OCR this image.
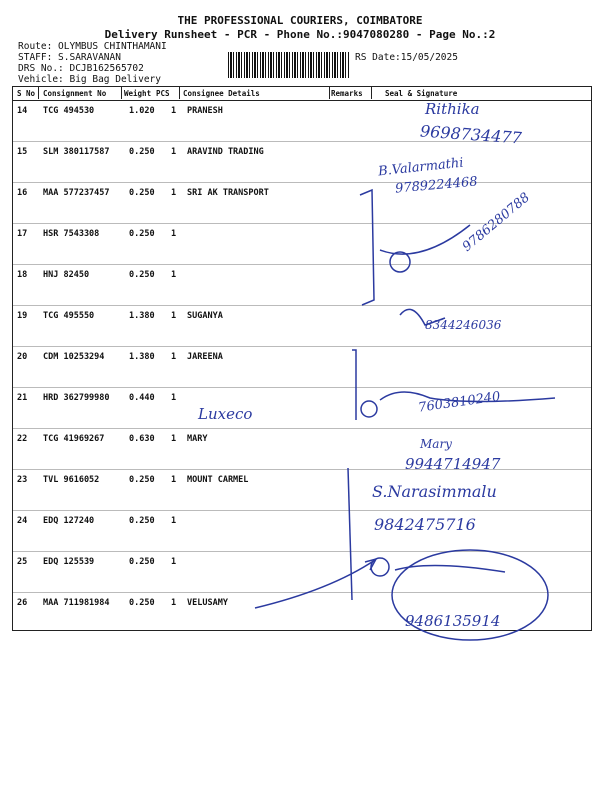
THE PROFESSIONAL COURIERS, COIMBATORE
Delivery Runsheet - PCR - Phone No.:9047080280 - Page No.:2
Route: OLYMBUS CHINTHAMANI
STAFF: S.SARAVANAN
DRS No.: DCJB162565702
Vehicle: Big Bag Delivery
RS Date:15/05/2025
S No Consignment No Weight PCS Consignee Details	Remarks	Seal & Signature
14 TCG 494530	1.020 1 PRANESH
15 SLM 380117587 0.250 1 ARAVIND TRADING
16 MAA 577237457 0.250 1 SRI AK TRANSPORT
17 HSR 7543308	0.250 1
18 HNJ 82450	0.250 1
19 TCG 495550	1.380 1 SUGANYA
20 CDM 10253294	1.380 1 JAREENA
21 HRD 362799980 0.440 1
22 TCG 41969267	0.630 1 MARY
23 TVL 9616052	0.250 1 MOUNT CARMEL
24 EDQ 127240	0.250 1
25 EDQ 125539	0.250 1
26 MAA 711981984 0.250 1 VELUSAMY
Rithika
9698734477
B.Valarmathi
9789224468
9786280788
8344246036
Luxeco	7603810240
Mary
9944714947
S.Narasimmalu
9842475716
9486135914
